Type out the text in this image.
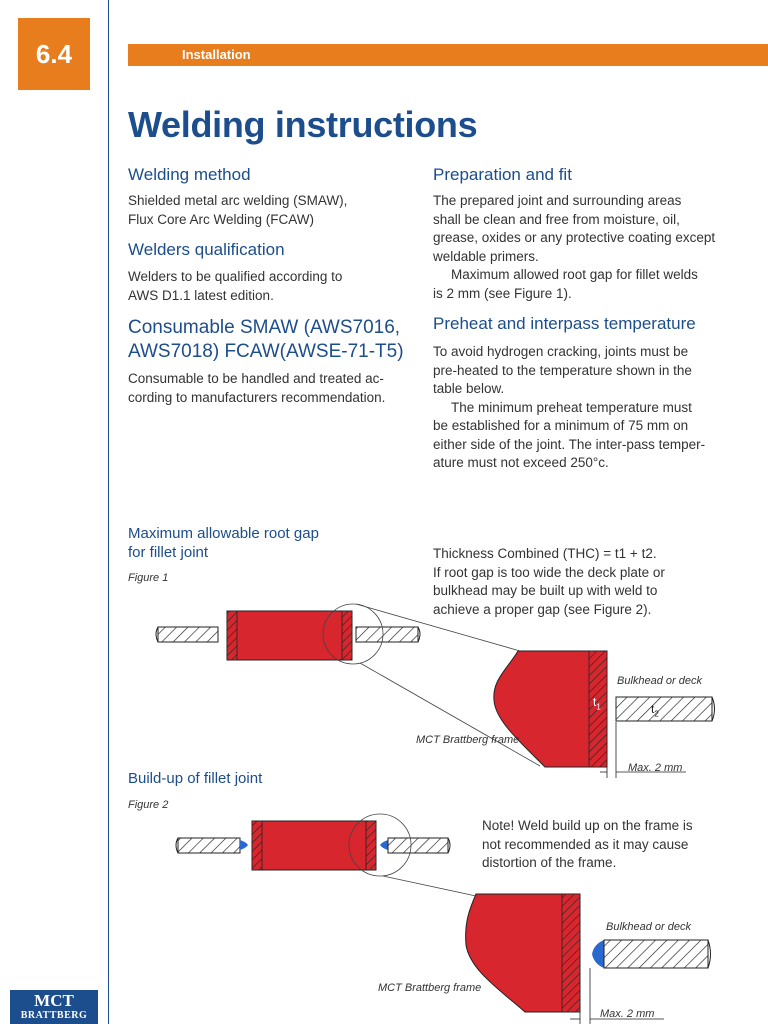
6.4	Installation
Welding instructions
Welding method

Shielded metal arc welding (SMAW),
Flux Core Arc Welding (FCAW)

Welders qualification

Welders to be qualified according to
AWS D1.1 latest edition.

Consumable SMAW (AWS7016,
AWS7018) FCAW(AWSE-71-T5)

Consumable to be handled and treated ac-
cording to manufacturers recommendation.

Preparation and fit

The prepared joint and surrounding areas
shall be clean and free from moisture, oil,
grease, oxides or any protective coating except
weldable primers.
Maximum allowed root gap for fillet welds
is 2 mm (see Figure 1).

Preheat and interpass temperature

To avoid hydrogen cracking, joints must be
pre-heated to the temperature shown in the
table below.
The minimum preheat temperature must
be established for a minimum of 75 mm on
either side of the joint. The inter-pass temper-
ature must not exceed 250°c.

Maximum allowable root gap
for fillet joint
Figure 1

Thickness Combined (THC) = t1 + t2.
If root gap is too wide the deck plate or
bulkhead may be built up with weld to
achieve a proper gap (see Figure 2).

Build-up of fillet joint
Figure 2

Note! Weld build up on the frame is
not recommended as it may cause
distortion of the frame.

Bulkhead or deck
MCT Brattberg frame
Max. 2 mm
$t_1$	$t_2$
Bulkhead or deck
MCT Brattberg frame
Max. 2 mm
MCT
BRATTBERG
